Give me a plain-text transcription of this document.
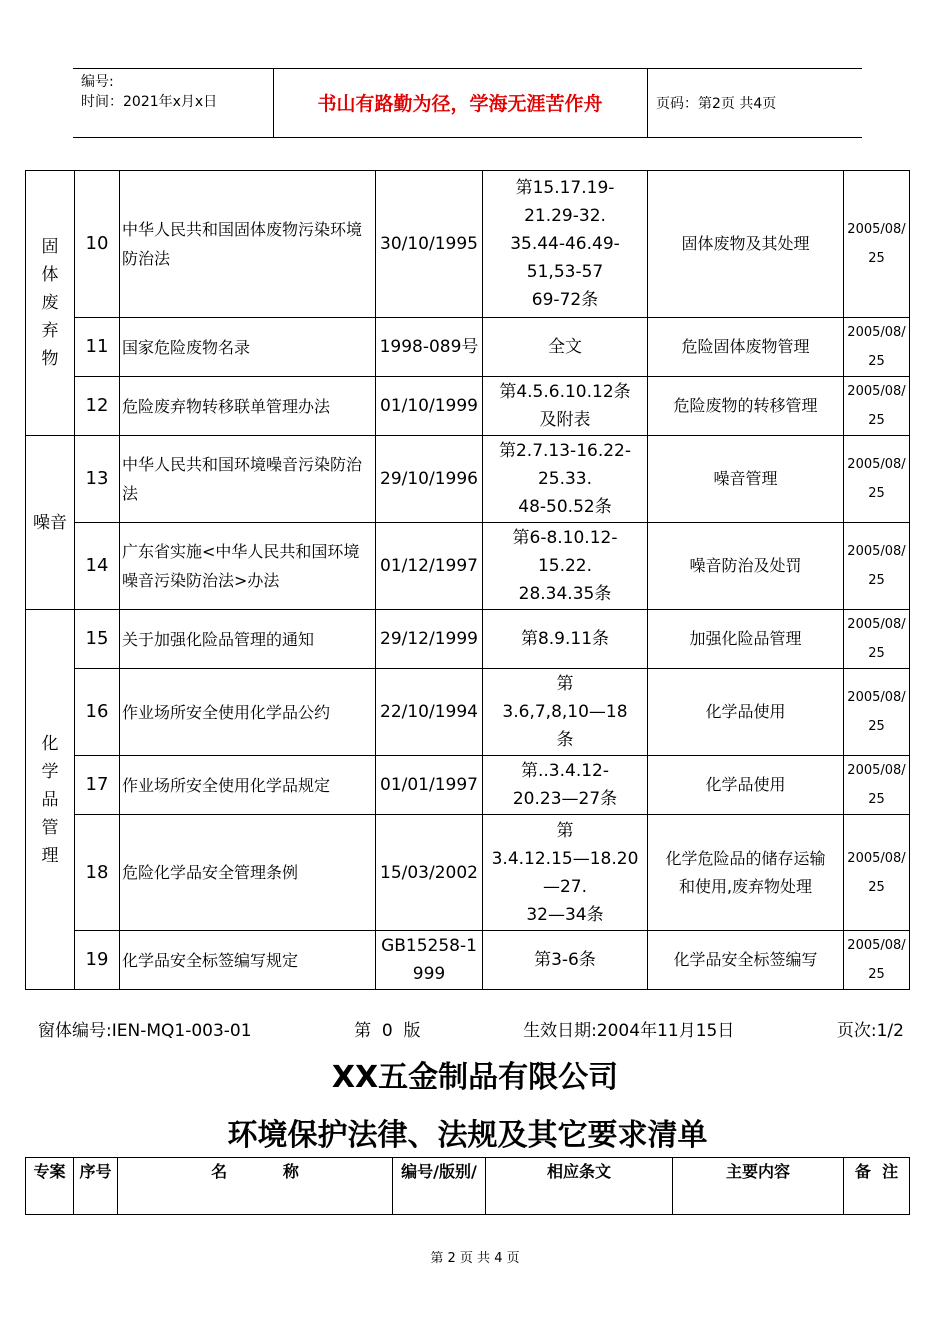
编号:
时间：2021年x月x日	书山有路勤为径，学海无涯苦作舟	页码：第2页 共4页
固
体
废
弃
物	10	中华人民共和国固体废物污染环境防治法	30/10/1995	第15.17.19-
21.29-32.
35.44-46.49-
51,53-57
69-72条	固体废物及其处理	2005/08/25
	11	国家危险废物名录	1998-089号	全文	危险固体废物管理	2005/08/25
	12	危险废弃物转移联单管理办法	01/10/1999	第4.5.6.10.12条
及附表	危险废物的转移管理	2005/08/25
噪音	13	中华人民共和国环境噪音污染防治法	29/10/1996	第2.7.13-16.22-
25.33.
48-50.52条	噪音管理	2005/08/25
	14	广东省实施<中华人民共和国环境噪音污染防治法>办法	01/12/1997	第6-8.10.12-
15.22.
28.34.35条	噪音防治及处罚	2005/08/25
化
学
品
管
理	15	关于加强化险品管理的通知	29/12/1999	第8.9.11条	加强化险品管理	2005/08/25
	16	作业场所安全使用化学品公约	22/10/1994	第
3.6,7,8,10—18
条	化学品使用	2005/08/25
	17	作业场所安全使用化学品规定	01/01/1997	第..3.4.12-
20.23—27条	化学品使用	2005/08/25
	18	危险化学品安全管理条例	15/03/2002	第
3.4.12.15—18.20—27.
32—34条	化学危险品的储存运输
和使用,废弃物处理	2005/08/25
	19	化学品安全标签编写规定	GB15258-1999	第3-6条	化学品安全标签编写	2005/08/25
窗体编号:IEN-MQ1-003-01	第  0  版	生效日期:2004年11月15日	页次:1/2
XX五金制品有限公司
环境保护法律、法规及其它要求清单
专案	序号	名          称	编号/版别/	相应条文	主要内容	备  注
第 2 页 共 4 页
